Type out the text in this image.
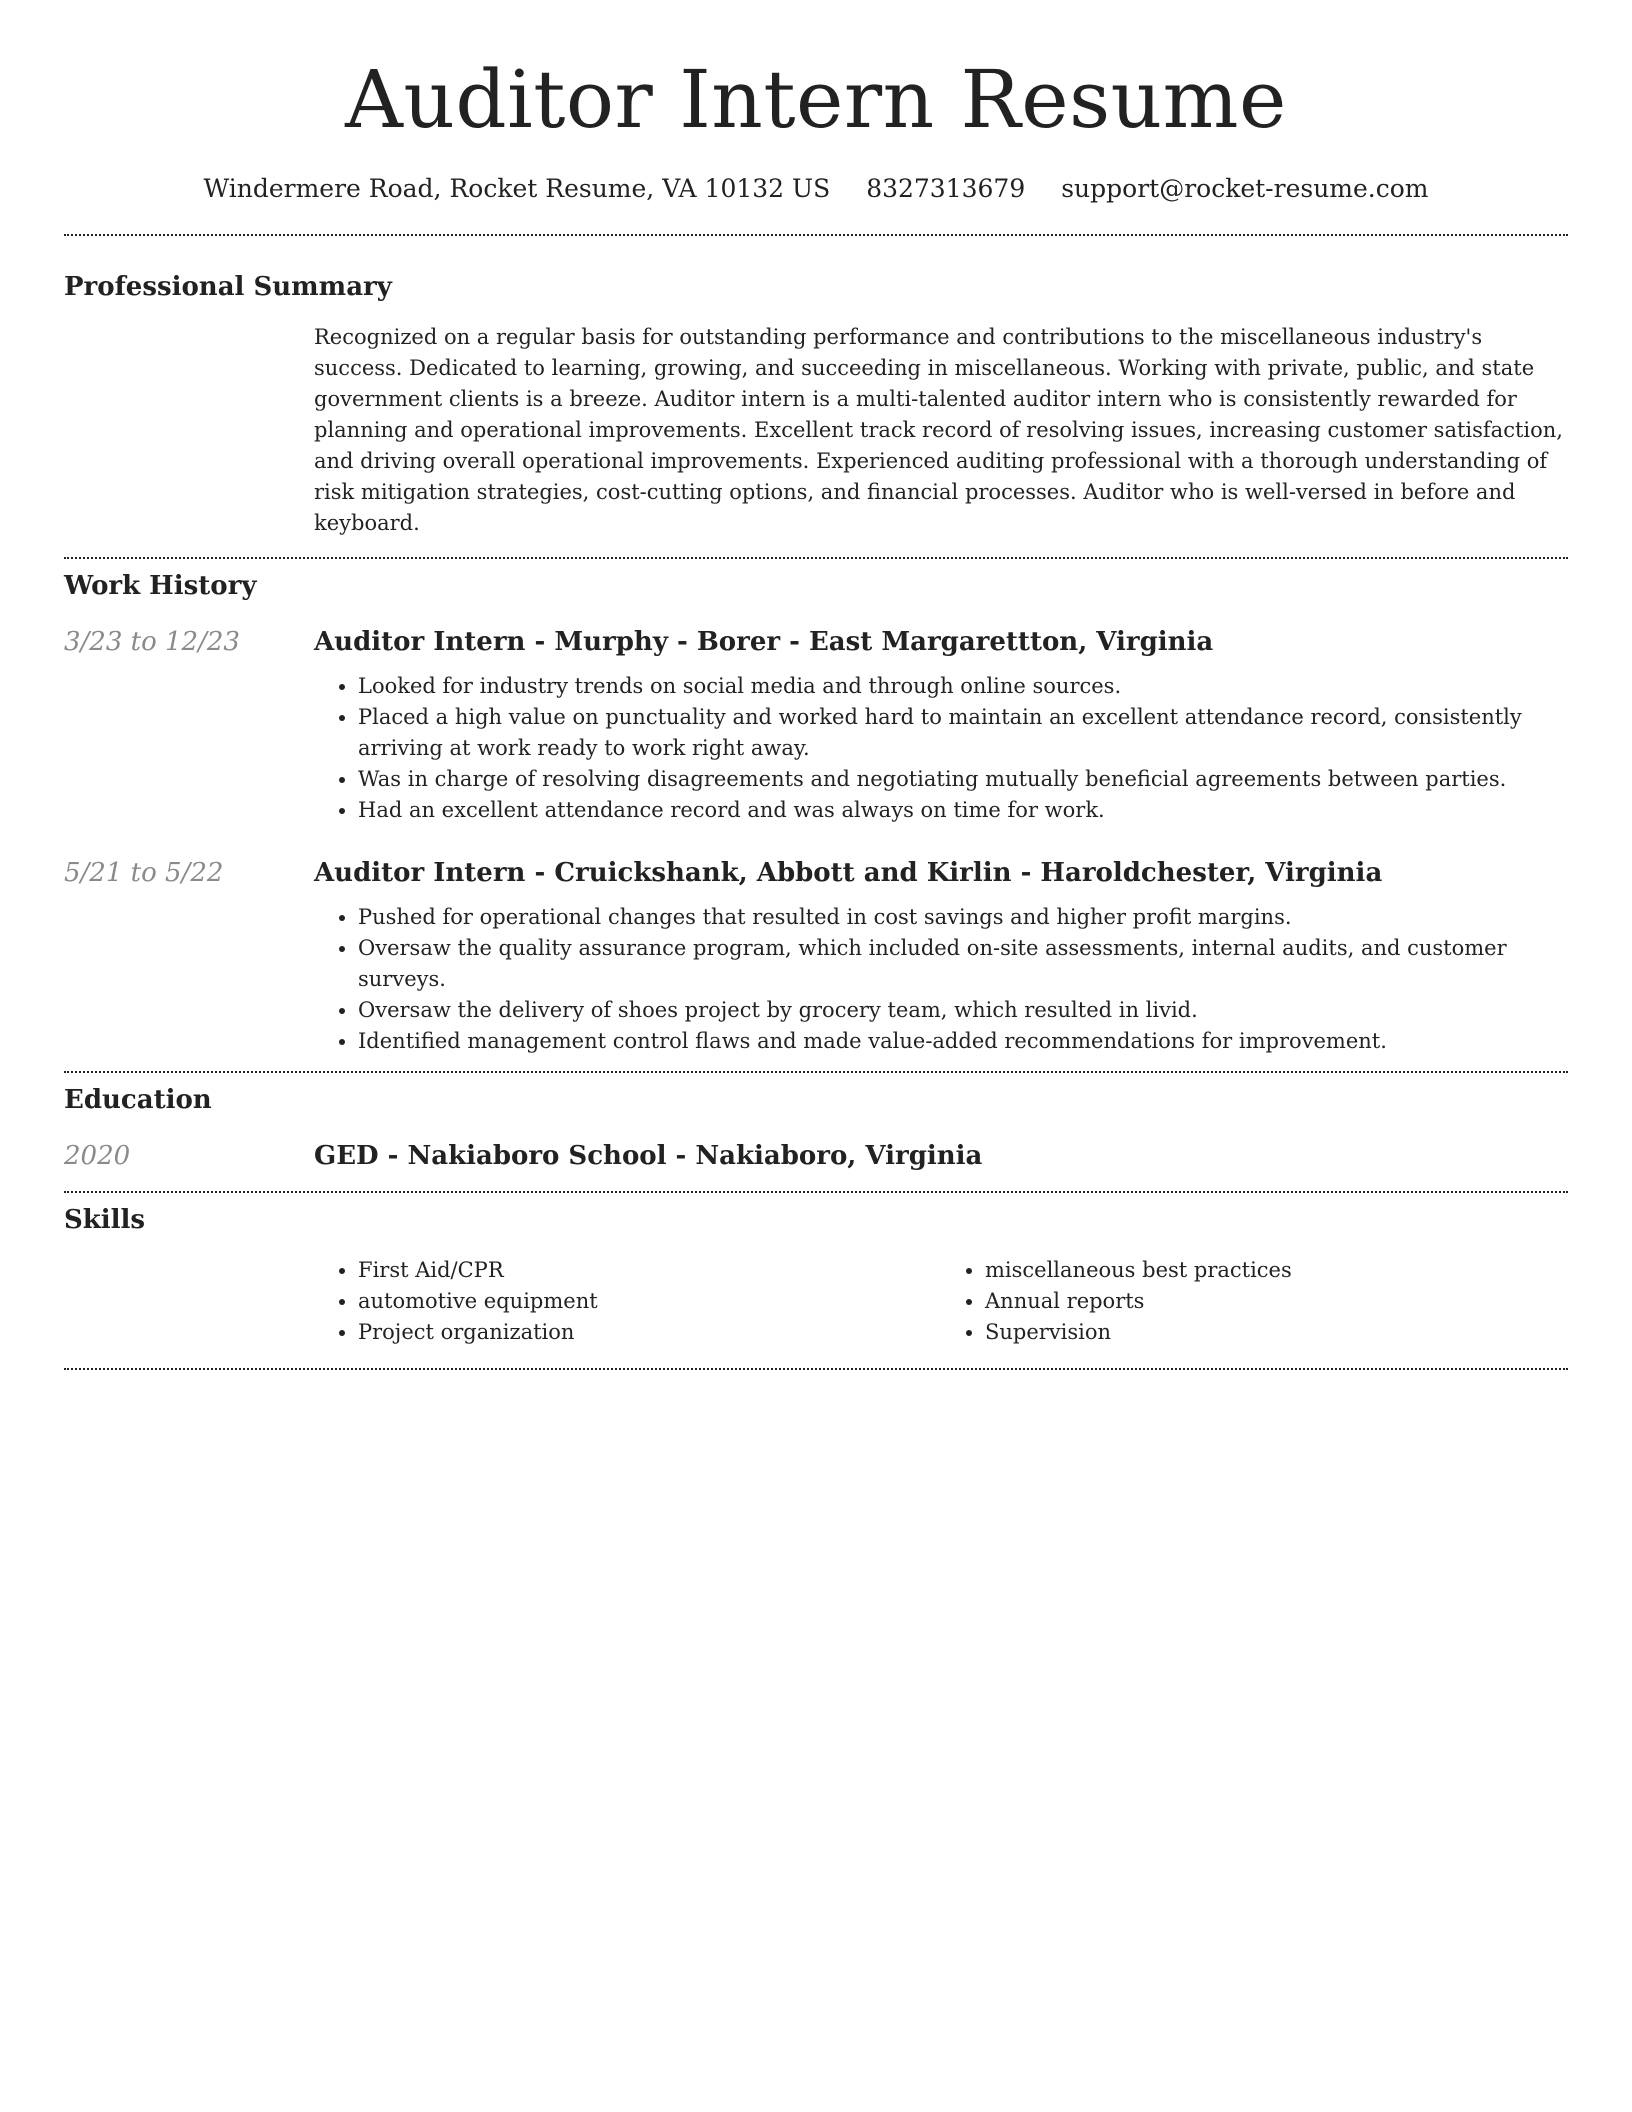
Auditor Intern Resume
Windermere Road, Rocket Resume, VA 10132 US 8327313679 support@rocket-resume.com
Professional Summary

Recognized on a regular basis for outstanding performance and contributions to the miscellaneous industry's success. Dedicated to learning, growing, and succeeding in miscellaneous. Working with private, public, and state government clients is a breeze. Auditor intern is a multi-talented auditor intern who is consistently rewarded for planning and operational improvements. Excellent track record of resolving issues, increasing customer satisfaction, and driving overall operational improvements. Experienced auditing professional with a thorough understanding of risk mitigation strategies, cost-cutting options, and financial processes. Auditor who is well-versed in before and keyboard.

Work History
3/23 to 12/23	Auditor Intern - Murphy - Borer - East Margarettton, Virginia
• Looked for industry trends on social media and through online sources.
• Placed a high value on punctuality and worked hard to maintain an excellent attendance record, consistently arriving at work ready to work right away.
• Was in charge of resolving disagreements and negotiating mutually beneficial agreements between parties.
• Had an excellent attendance record and was always on time for work.
5/21 to 5/22	Auditor Intern - Cruickshank, Abbott and Kirlin - Haroldchester, Virginia
• Pushed for operational changes that resulted in cost savings and higher profit margins.
• Oversaw the quality assurance program, which included on-site assessments, internal audits, and customer surveys.
• Oversaw the delivery of shoes project by grocery team, which resulted in livid.
• Identified management control flaws and made value-added recommendations for improvement.
Education
2020	GED - Nakiaboro School - Nakiaboro, Virginia
Skills
• First Aid/CPR
• automotive equipment
• Project organization
• miscellaneous best practices
• Annual reports
• Supervision
